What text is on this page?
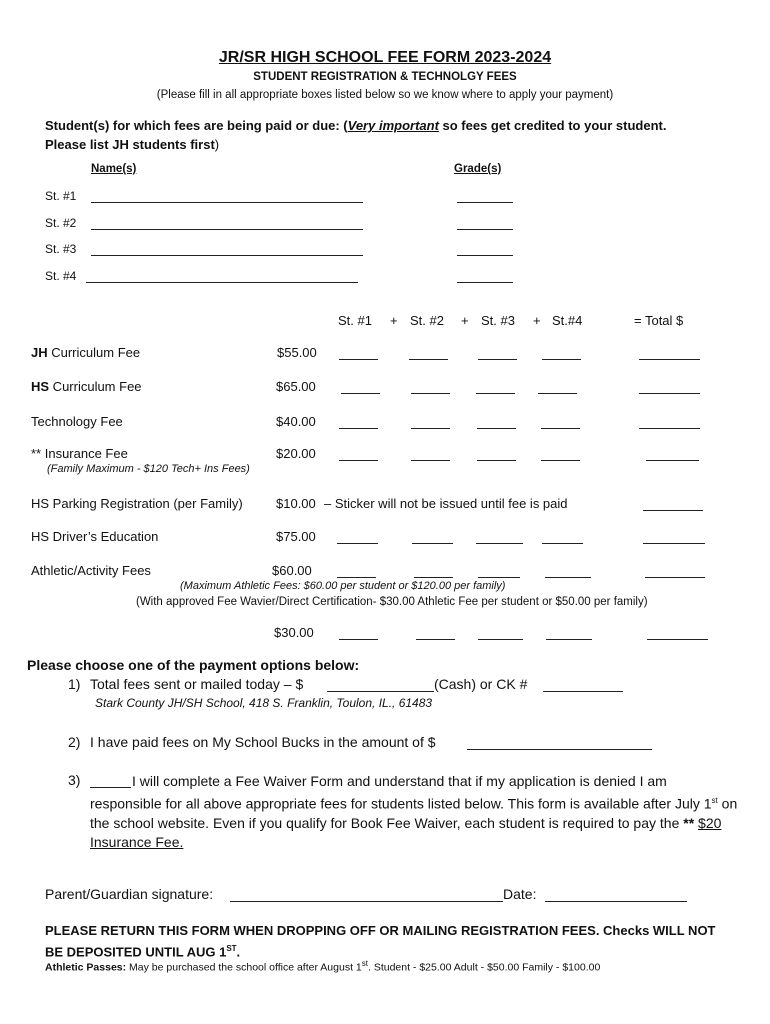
JR/SR HIGH SCHOOL FEE FORM 2023-2024
STUDENT REGISTRATION & TECHNOLGY FEES
(Please fill in all appropriate boxes listed below so we know where to apply your payment)
Student(s) for which fees are being paid or due: (Very important so fees get credited to your student.
Please list JH students first)
Name(s)	Grade(s)
St. #1
St. #2
St. #3
St. #4
St. #1 + St. #2 + St. #3 + St.#4	= Total $
JH Curriculum Fee	$55.00
HS Curriculum Fee	$65.00
Technology Fee	$40.00
** Insurance Fee	$20.00
(Family Maximum - $120 Tech+ Ins Fees)
HS Parking Registration (per Family)	$10.00 – Sticker will not be issued until fee is paid
HS Driver’s Education	$75.00
Athletic/Activity Fees	$60.00
(Maximum Athletic Fees: $60.00 per student or $120.00 per family)
(With approved Fee Wavier/Direct Certification- $30.00 Athletic Fee per student or $50.00 per family)
$30.00
Please choose one of the payment options below:
1) Total fees sent or mailed today – $	(Cash) or CK #
Stark County JH/SH School, 418 S. Franklin, Toulon, IL., 61483
2) I have paid fees on My School Bucks in the amount of $
3)	I will complete a Fee Waiver Form and understand that if my application is denied I am responsible for all above appropriate fees for students listed below. This form is available after July 1st on the school website. Even if you qualify for Book Fee Waiver, each student is required to pay the ** $20 Insurance Fee.
Parent/Guardian signature:	Date:
PLEASE RETURN THIS FORM WHEN DROPPING OFF OR MAILING REGISTRATION FEES. Checks WILL NOT BE DEPOSITED UNTIL AUG 1ST.
Athletic Passes: May be purchased the school office after August 1st. Student - $25.00 Adult - $50.00 Family - $100.00
